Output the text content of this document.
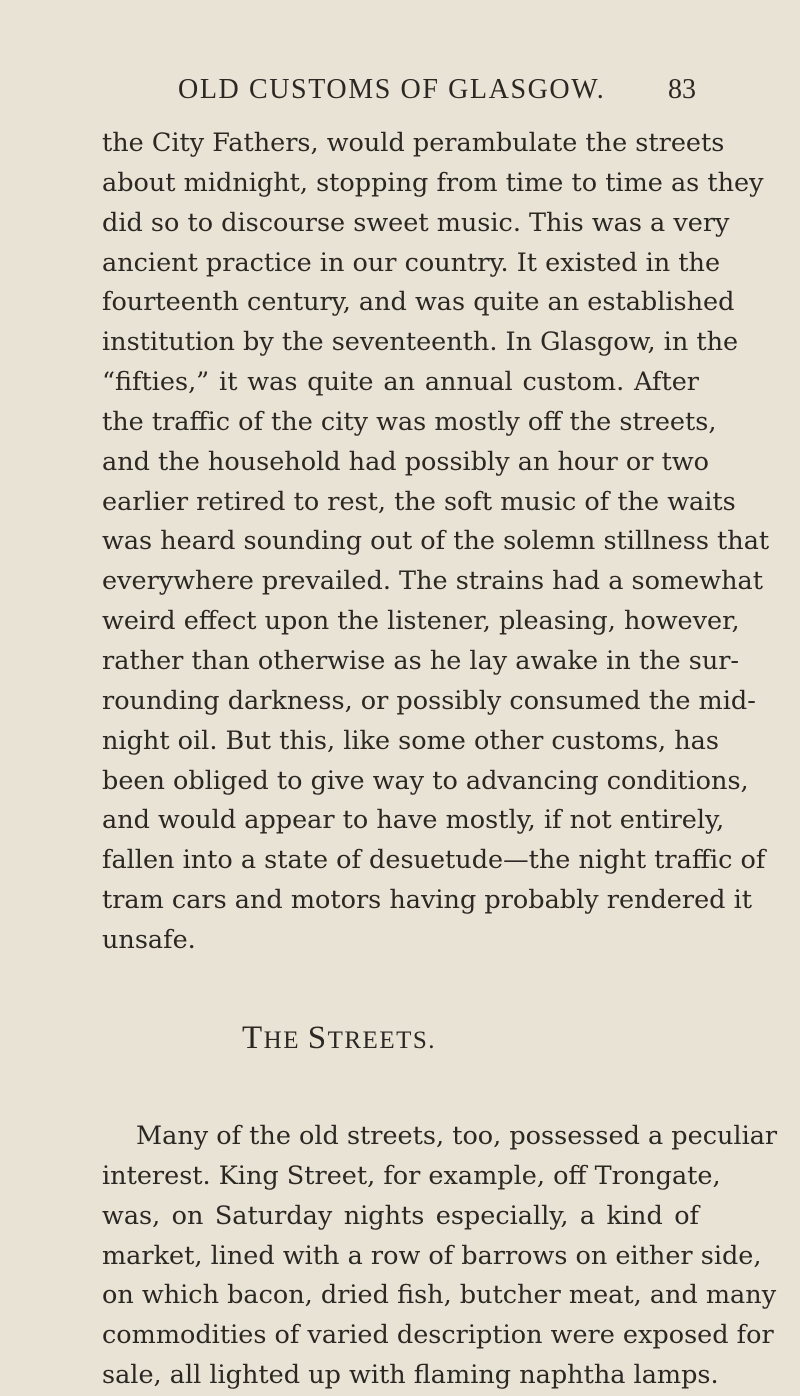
OLD CUSTOMS OF GLASGOW. 83
the City Fathers, would perambulate the streets
about midnight, stopping from time to time as they
did so to discourse sweet music. This was a very
ancient practice in our country. It existed in the
fourteenth century, and was quite an established
institution by the seventeenth. In Glasgow, in the
“fifties,” it was quite an annual custom. After
the traffic of the city was mostly off the streets,
and the household had possibly an hour or two
earlier retired to rest, the soft music of the waits
was heard sounding out of the solemn stillness that
everywhere prevailed. The strains had a somewhat
weird effect upon the listener, pleasing, however,
rather than otherwise as he lay awake in the sur-
rounding darkness, or possibly consumed the mid-
night oil. But this, like some other customs, has
been obliged to give way to advancing conditions,
and would appear to have mostly, if not entirely,
fallen into a state of desuetude—the night traffic of
tram cars and motors having probably rendered it
unsafe.
THE STREETS.
Many of the old streets, too, possessed a peculiar
interest. King Street, for example, off Trongate,
was, on Saturday nights especially, a kind of
market, lined with a row of barrows on either side,
on which bacon, dried fish, butcher meat, and many
commodities of varied description were exposed for
sale, all lighted up with flaming naphtha lamps.
